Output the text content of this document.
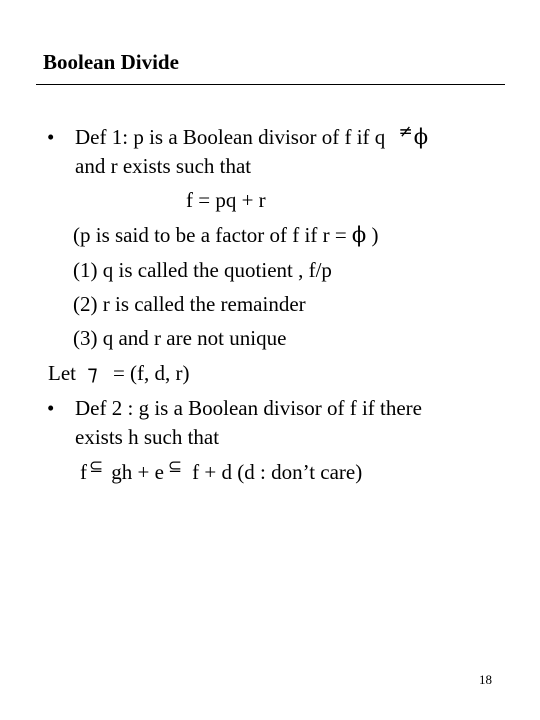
Boolean Divide
• Def 1: p is a Boolean divisor of f if q ≠ϕ
and r exists such that
f = pq + r
(p is said to be a factor of f if r = ϕ )
(1) q is called the quotient , f/p
(2) r is called the remainder
(3) q and r are not unique
Let ⁊ = (f, d, r)
• Def 2 : g is a Boolean divisor of f if there
exists h such that
f ⊆ gh + e ⊆ f + d (d : don’t care)
18
